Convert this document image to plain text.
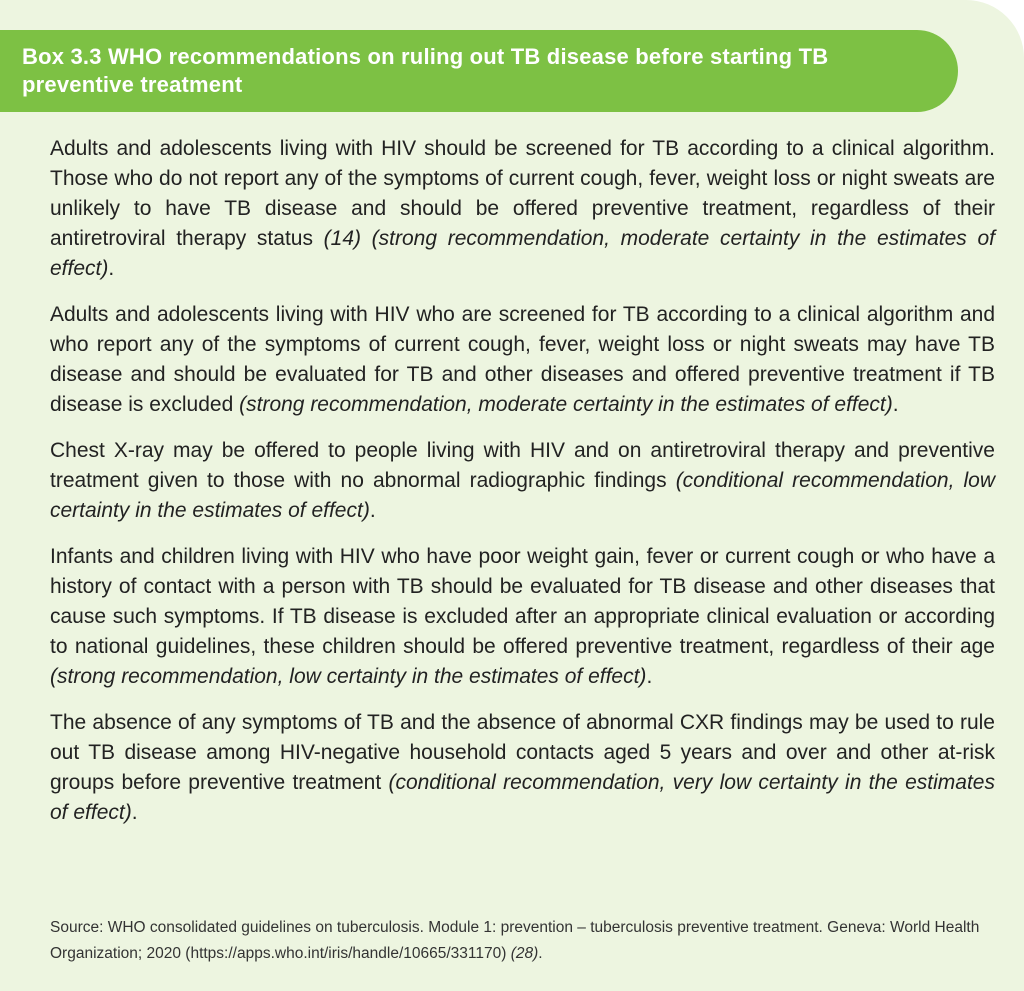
Box 3.3 WHO recommendations on ruling out TB disease before starting TB preventive treatment

Adults and adolescents living with HIV should be screened for TB according to a clinical algorithm. Those who do not report any of the symptoms of current cough, fever, weight loss or night sweats are unlikely to have TB disease and should be offered preventive treatment, regardless of their antiretroviral therapy status (14) (strong recommendation, moderate certainty in the estimates of effect).

Adults and adolescents living with HIV who are screened for TB according to a clinical algorithm and who report any of the symptoms of current cough, fever, weight loss or night sweats may have TB disease and should be evaluated for TB and other diseases and offered preventive treatment if TB disease is excluded (strong recommendation, moderate certainty in the estimates of effect).

Chest X-ray may be offered to people living with HIV and on antiretroviral therapy and preventive treatment given to those with no abnormal radiographic findings (conditional recommendation, low certainty in the estimates of effect).

Infants and children living with HIV who have poor weight gain, fever or current cough or who have a history of contact with a person with TB should be evaluated for TB disease and other diseases that cause such symptoms. If TB disease is excluded after an appropriate clinical evaluation or according to national guidelines, these children should be offered preventive treatment, regardless of their age (strong recommendation, low certainty in the estimates of effect).

The absence of any symptoms of TB and the absence of abnormal CXR findings may be used to rule out TB disease among HIV-negative household contacts aged 5 years and over and other at-risk groups before preventive treatment (conditional recommendation, very low certainty in the estimates of effect).

Source: WHO consolidated guidelines on tuberculosis. Module 1: prevention – tuberculosis preventive treatment. Geneva: World Health Organization; 2020 (https://apps.who.int/iris/handle/10665/331170) (28).
